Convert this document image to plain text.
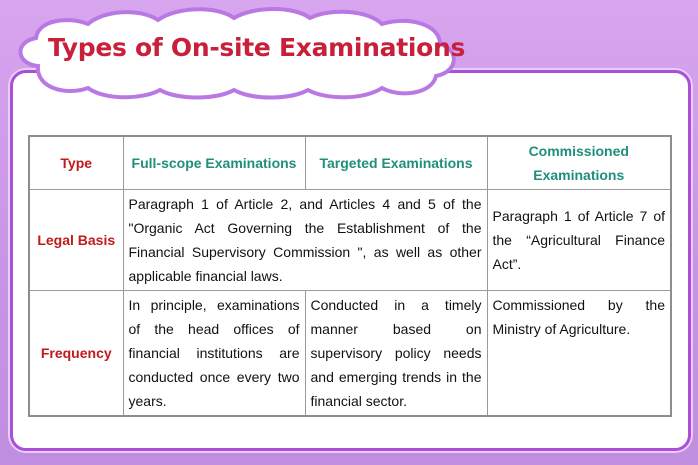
Types of On-site Examinations
Type	Full-scope Examinations	Targeted Examinations	Commissioned Examinations
Legal Basis	Paragraph 1 of Article 2, and Articles 4 and 5 of the "Organic Act Governing the Establishment of the Financial Supervisory Commission ", as well as other applicable financial laws.		Paragraph 1 of Article 7 of the “Agricultural Finance Act”.
Frequency	In principle, examinations of the head offices of financial institutions are conducted once every two years.	Conducted in a timely manner based on supervisory policy needs and emerging trends in the financial sector.	Commissioned by the Ministry of Agriculture.
